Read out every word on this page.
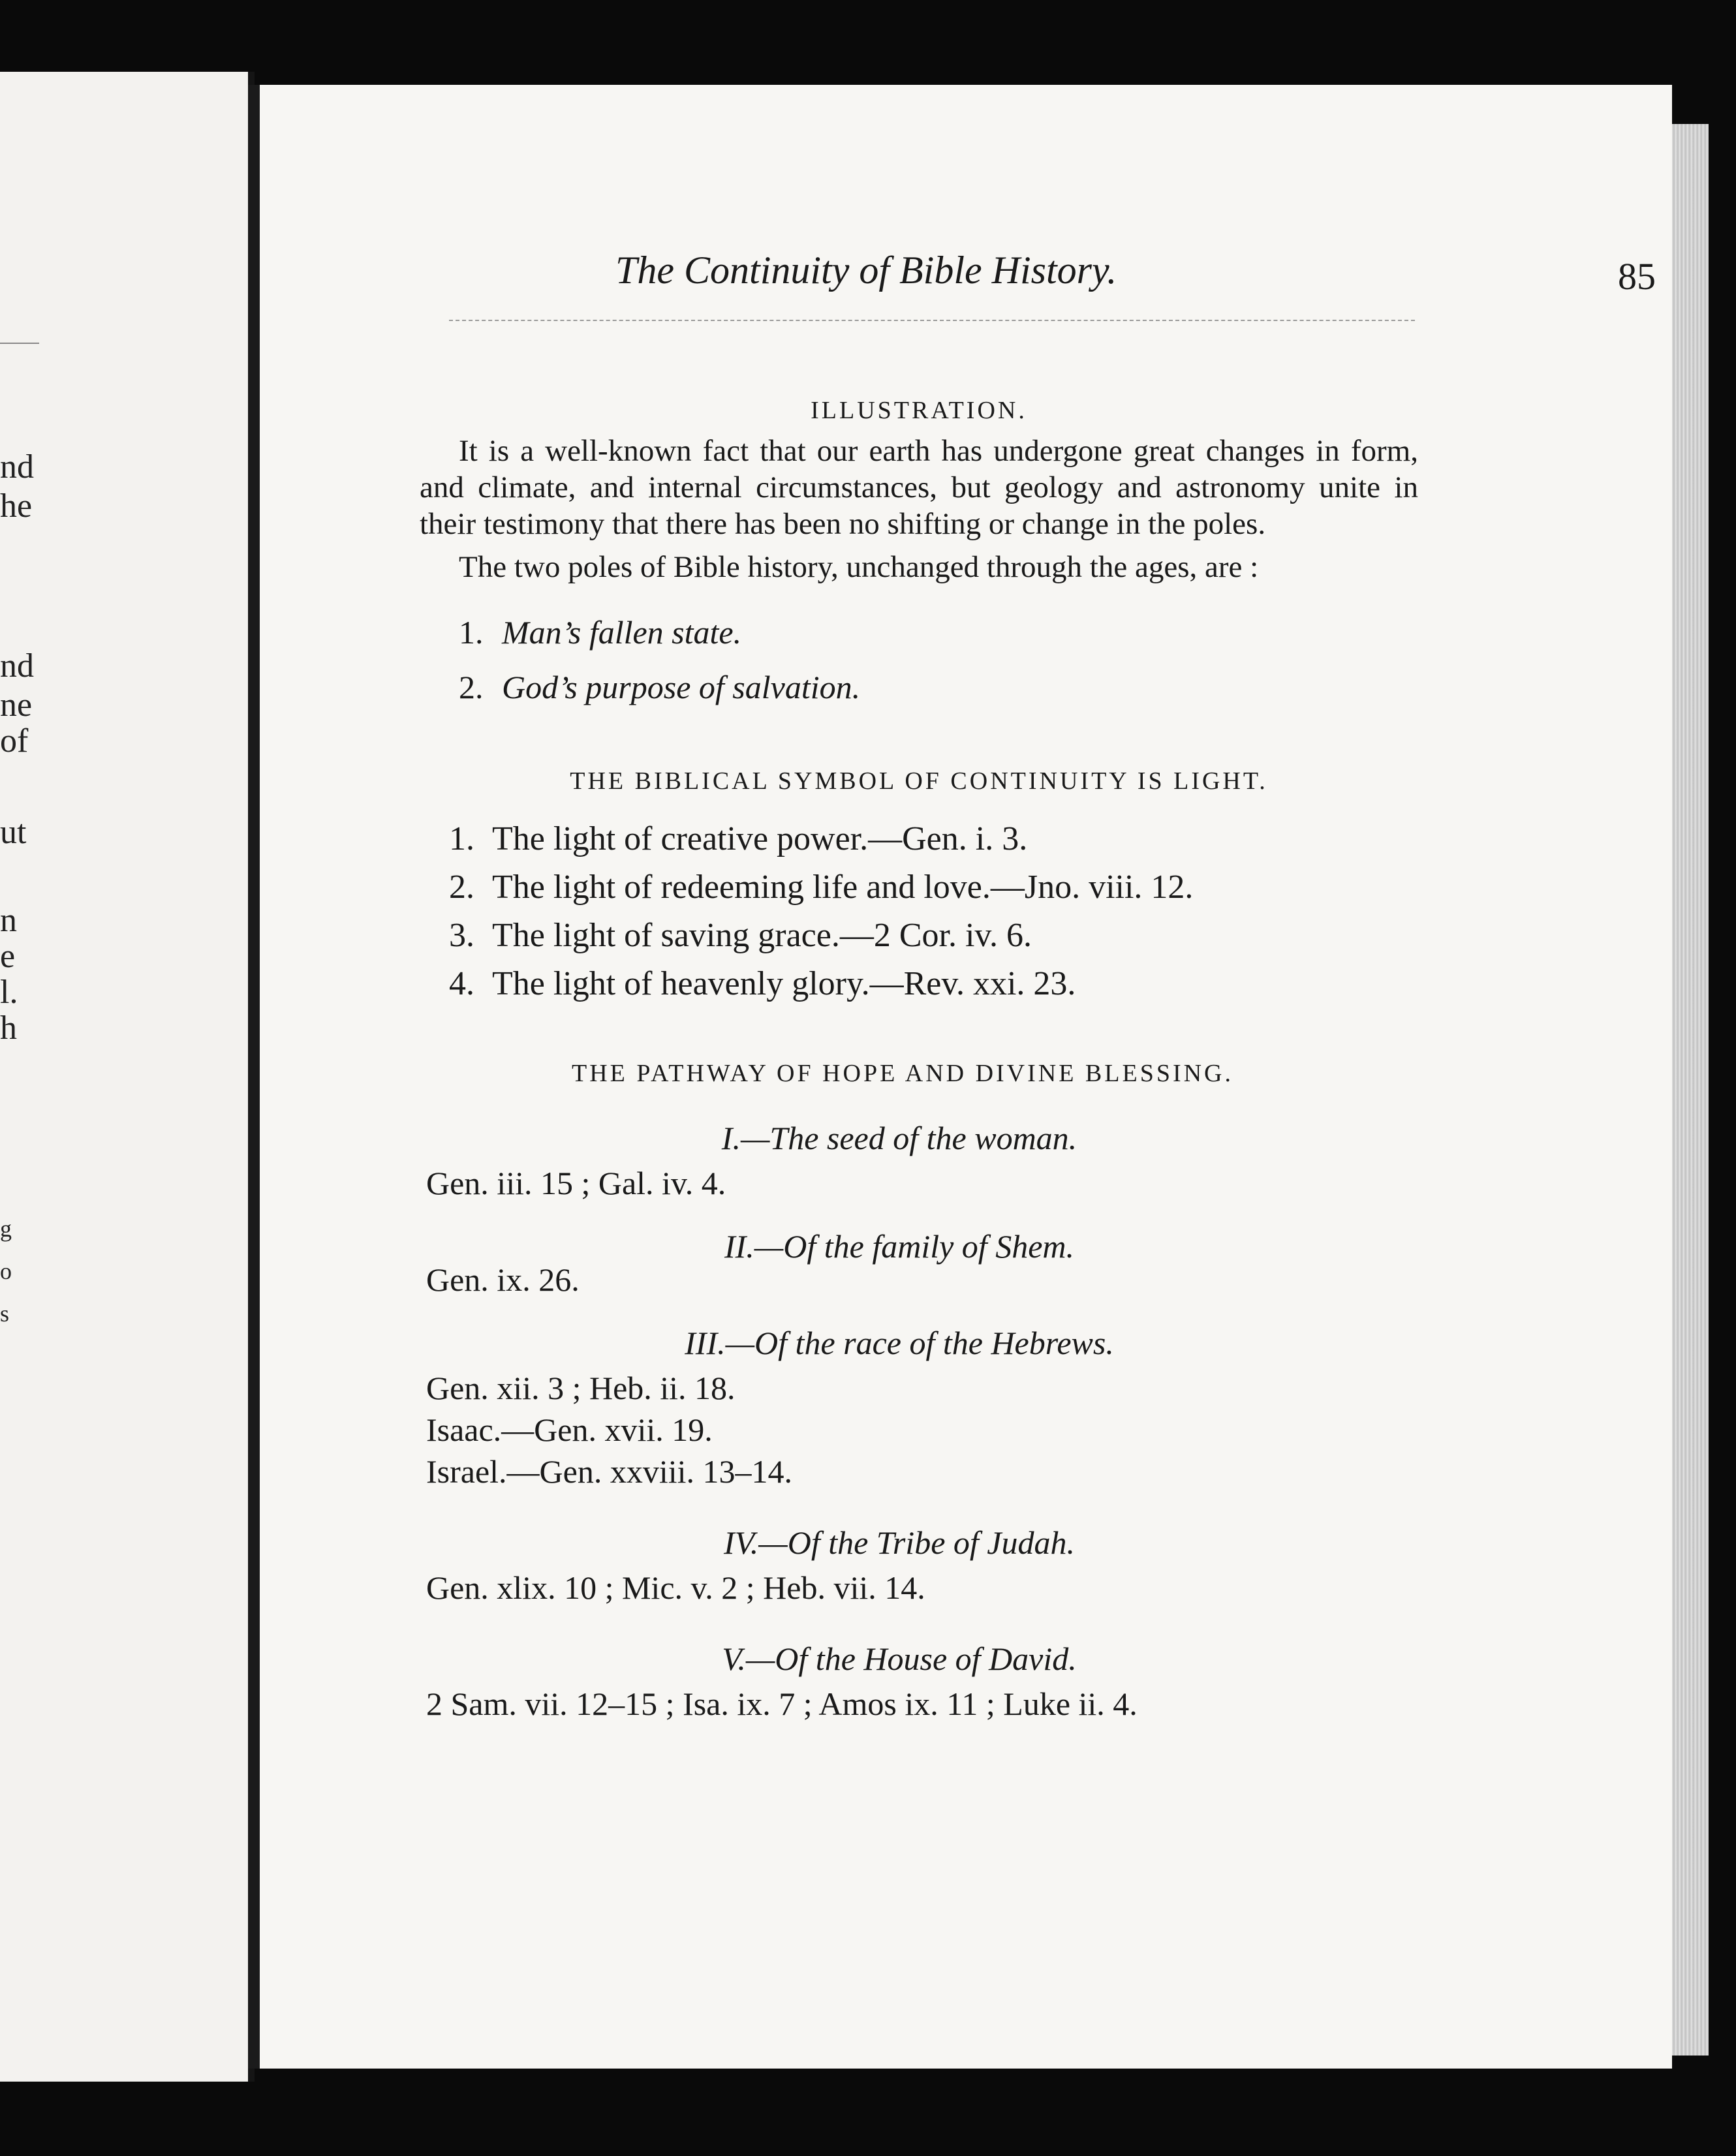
nd
he
nd
ne
of
ut
n
e
l.
h
g
o
s
The Continuity of Bible History.	85

ILLUSTRATION.

It is a well-known fact that our earth has undergone great changes in form, and climate, and internal circumstances, but geology and astronomy unite in their testimony that there has been no shifting or change in the poles.

The two poles of Bible history, unchanged through the ages, are :

1. Man’s fallen state.
2. God’s purpose of salvation.

THE BIBLICAL SYMBOL OF CONTINUITY IS LIGHT.

1. The light of creative power.—Gen. i. 3.
2. The light of redeeming life and love.—Jno. viii. 12.
3. The light of saving grace.—2 Cor. iv. 6.
4. The light of heavenly glory.—Rev. xxi. 23.

THE PATHWAY OF HOPE AND DIVINE BLESSING.

I.—The seed of the woman.

Gen. iii. 15 ; Gal. iv. 4.

II.—Of the family of Shem.

Gen. ix. 26.

III.—Of the race of the Hebrews.

Gen. xii. 3 ; Heb. ii. 18.

Isaac.—Gen. xvii. 19.

Israel.—Gen. xxviii. 13–14.

IV.—Of the Tribe of Judah.

Gen. xlix. 10 ; Mic. v. 2 ; Heb. vii. 14.

V.—Of the House of David.

2 Sam. vii. 12–15 ; Isa. ix. 7 ; Amos ix. 11 ; Luke ii. 4.
